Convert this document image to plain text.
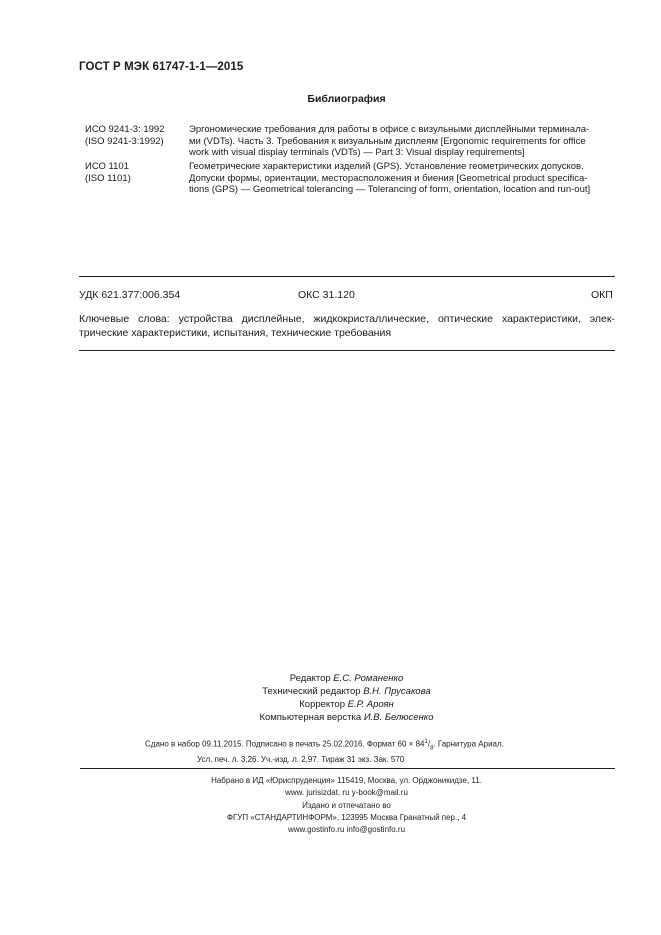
ГОСТ Р МЭК 61747-1-1—2015
Библиография
ИСО 9241-3: 1992
(ISO 9241-3:1992)
Эргономические требования для работы в офисе с визульными дисплейными терминала-
ми (VDTs). Часть 3. Требования к визуальным дисплеям [Ergonomic requirements for office
work with visual display terminals (VDTs) — Part 3: Visual display requirements]
ИСО 1101
(ISO 1101)
Геометрические характеристики изделий (GPS). Установление геометрических допусков.
Допуски формы, ориентации, месторасположения и биения [Geometrical product specifica-
tions (GPS) — Geometrical tolerancing — Tolerancing of form, orientation, location and run-out]
УДК 621.377:006.354	ОКС 31.120	ОКП
Ключевые слова: устройства дисплейные, жидкокристаллические, оптические характеристики, элек-
трические характеристики, испытания, технические требования
Редактор Е.С. Романенко
Технический редактор В.Н. Прусакова
Корректор Е.Р. Ароян
Компьютерная верстка И.В. Белюсенко
Сдано в набор 09.11.2015. Подписано в печать 25.02.2016. Формат $60 \times 84^1/_8$. Гарнитура Ариал.
Усл. печ. л. 3,26. Уч.-изд. л. 2,97. Тираж 31 экз. Зак. 570
Набрано в ИД «Юриспруденция» 115419, Москва, ул. Орджоникидзе, 11.
www. jurisizdat. ru y-book@mail.ru
Издано и отпечатано во
ФГУП «СТАНДАРТИНФОРМ», 123995 Москва Гранатный пер., 4
www.gostinfo.ru info@gostinfo.ru
